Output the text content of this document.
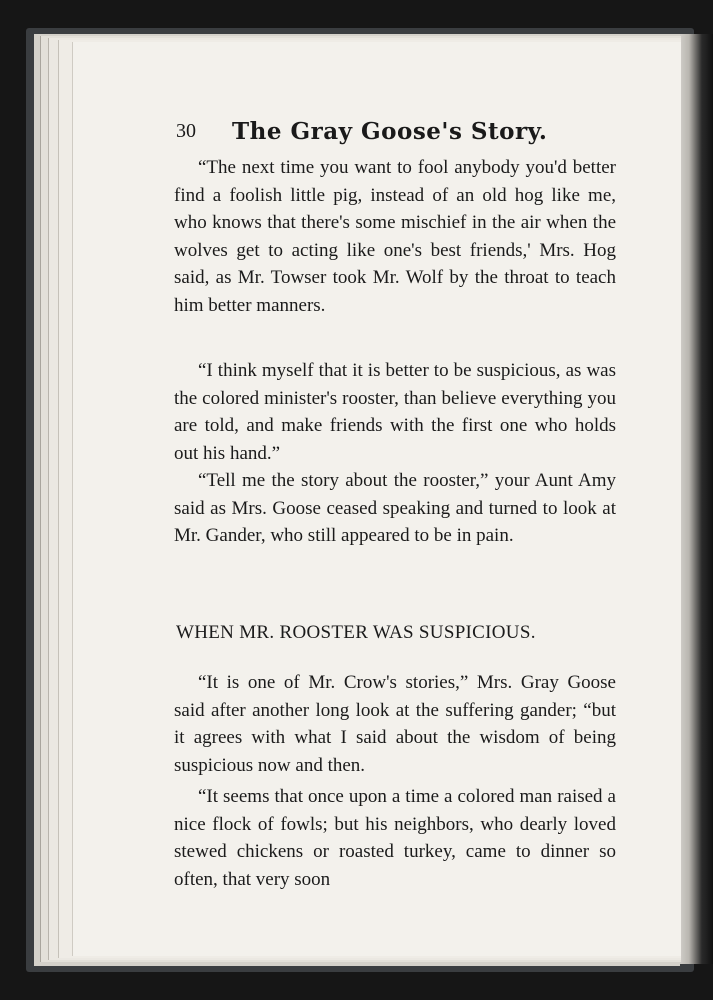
30 The Gray Goose's Story.

“The next time you want to fool anybody you'd better find a foolish little pig, instead of an old hog like me, who knows that there's some mischief in the air when the wolves get to acting like one's best friends,' Mrs. Hog said, as Mr. Towser took Mr. Wolf by the throat to teach him better manners.

“I think myself that it is better to be suspicious, as was the colored minister's rooster, than believe everything you are told, and make friends with the first one who holds out his hand.”

“Tell me the story about the rooster,” your Aunt Amy said as Mrs. Goose ceased speaking and turned to look at Mr. Gander, who still appeared to be in pain.

WHEN MR. ROOSTER WAS SUSPICIOUS.

“It is one of Mr. Crow's stories,” Mrs. Gray Goose said after another long look at the suffering gander; “but it agrees with what I said about the wisdom of being suspicious now and then.

“It seems that once upon a time a colored man raised a nice flock of fowls; but his neighbors, who dearly loved stewed chickens or roasted turkey, came to dinner so often, that very soon
